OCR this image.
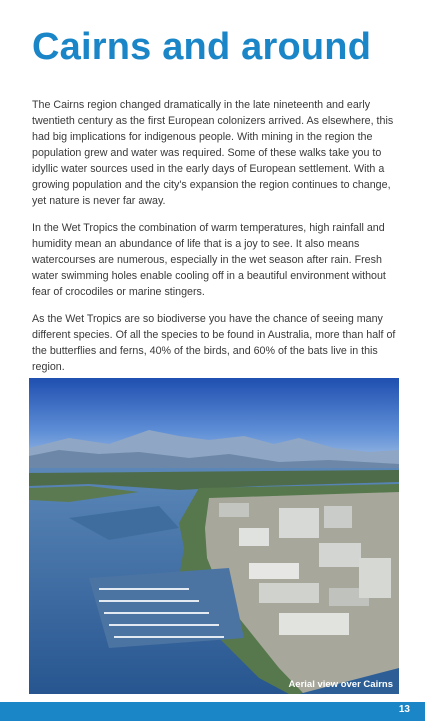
Cairns and around

The Cairns region changed dramatically in the late nineteenth and early twentieth century as the first European colonizers arrived. As elsewhere, this had big implications for indigenous people. With mining in the region the population grew and water was required. Some of these walks take you to idyllic water sources used in the early days of European settlement. With a growing population and the city's expansion the region continues to change, yet nature is never far away.

In the Wet Tropics the combination of warm temperatures, high rainfall and humidity mean an abundance of life that is a joy to see. It also means watercourses are numerous, especially in the wet season after rain. Fresh water swimming holes enable cooling off in a beautiful environment without fear of crocodiles or marine stingers.

As the Wet Tropics are so biodiverse you have the chance of seeing many different species. Of all the species to be found in Australia, more than half of the butterflies and ferns, 40% of the birds, and 60% of the bats live in this region.

Aerial view over Cairns
13
